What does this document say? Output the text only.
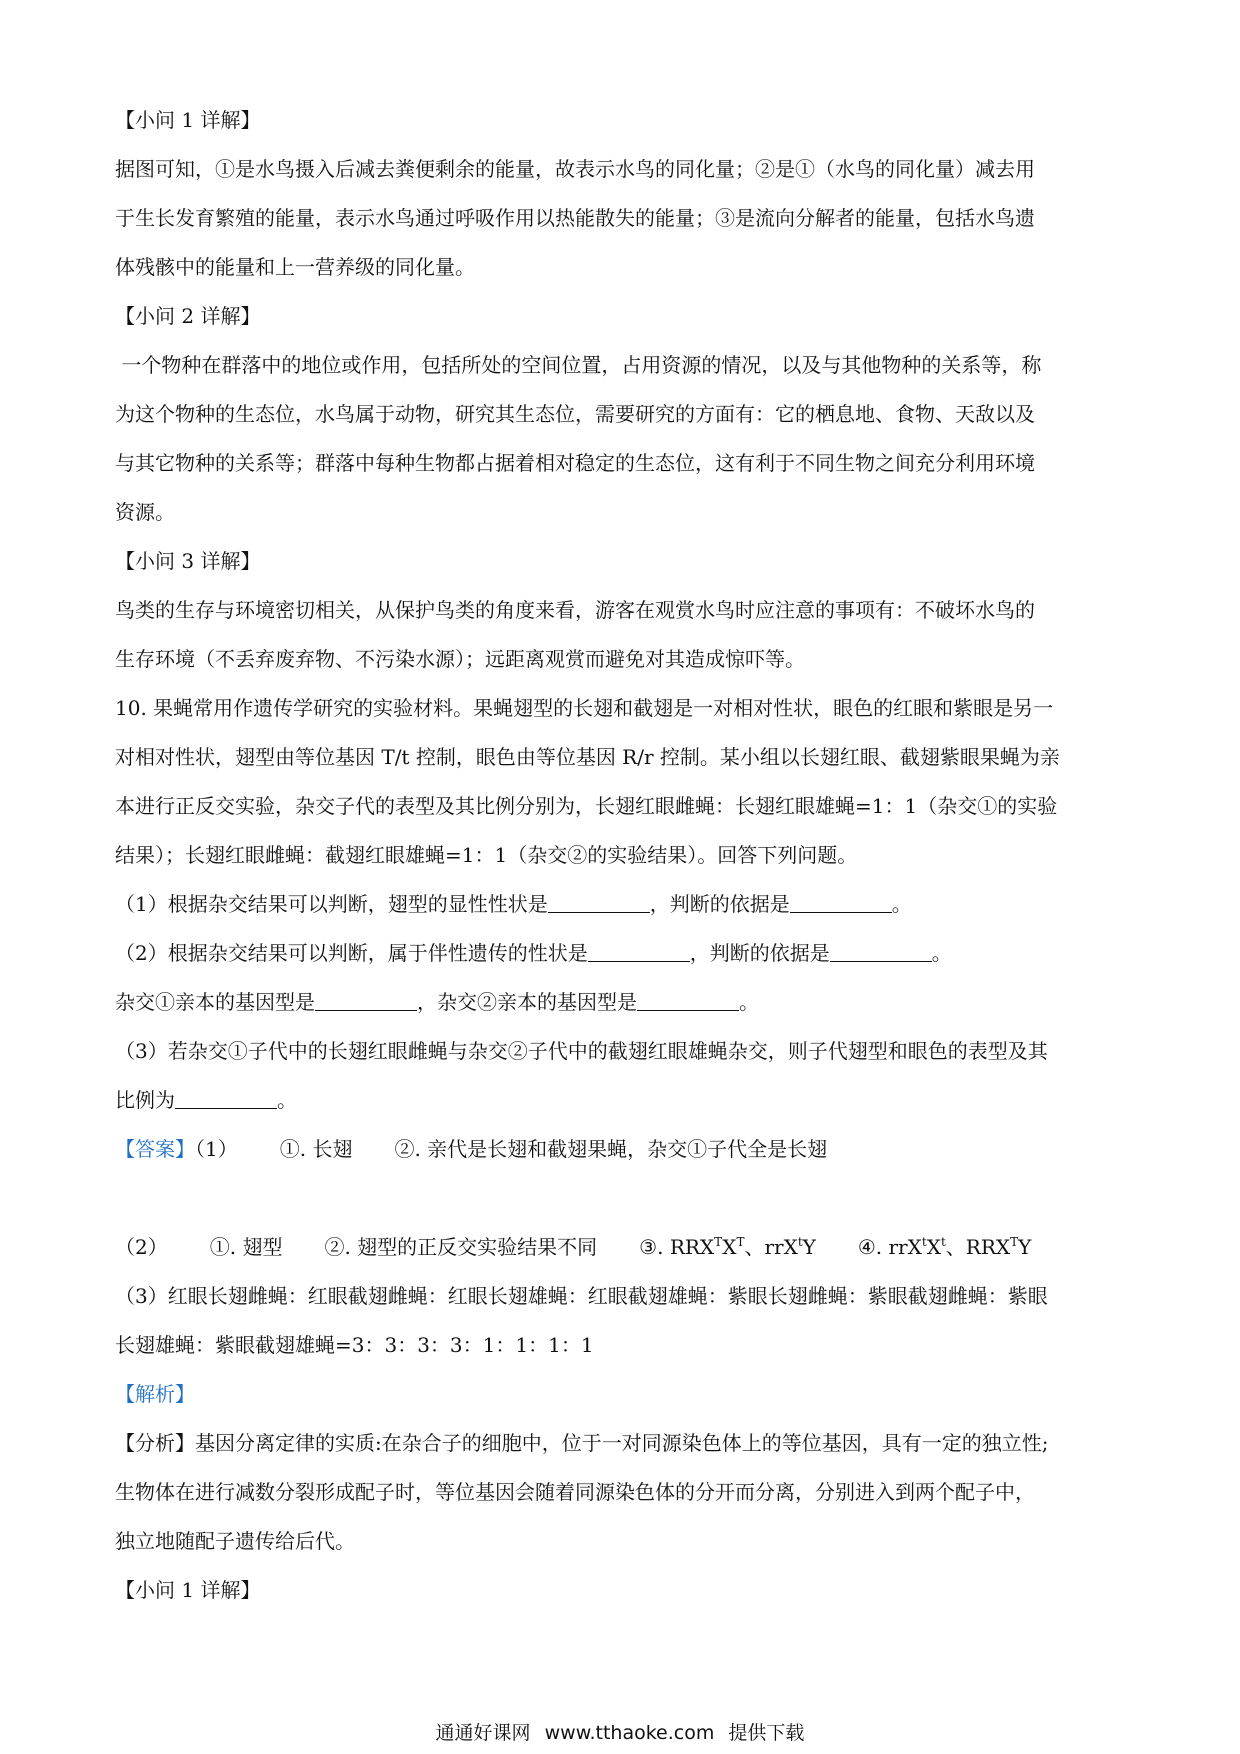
【小问 1 详解】
据图可知，①是水鸟摄入后减去粪便剩余的能量，故表示水鸟的同化量；②是①（水鸟的同化量）减去用
于生长发育繁殖的能量，表示水鸟通过呼吸作用以热能散失的能量；③是流向分解者的能量，包括水鸟遗
体残骸中的能量和上一营养级的同化量。
【小问 2 详解】
一个物种在群落中的地位或作用，包括所处的空间位置，占用资源的情况，以及与其他物种的关系等，称
为这个物种的生态位，水鸟属于动物，研究其生态位，需要研究的方面有：它的栖息地、食物、天敌以及
与其它物种的关系等；群落中每种生物都占据着相对稳定的生态位，这有利于不同生物之间充分利用环境
资源。
【小问 3 详解】
鸟类的生存与环境密切相关，从保护鸟类的角度来看，游客在观赏水鸟时应注意的事项有：不破坏水鸟的
生存环境（不丢弃废弃物、不污染水源）；远距离观赏而避免对其造成惊吓等。
10. 果蝇常用作遗传学研究的实验材料。果蝇翅型的长翅和截翅是一对相对性状，眼色的红眼和紫眼是另一
对相对性状，翅型由等位基因 T/t 控制，眼色由等位基因 R/r 控制。某小组以长翅红眼、截翅紫眼果蝇为亲
本进行正反交实验，杂交子代的表型及其比例分别为，长翅红眼雌蝇：长翅红眼雄蝇=1：1（杂交①的实验
结果）；长翅红眼雌蝇：截翅红眼雄蝇=1：1（杂交②的实验结果）。回答下列问题。
（1）根据杂交结果可以判断，翅型的显性性状是	，判断的依据是	。
（2）根据杂交结果可以判断，属于伴性遗传的性状是	，判断的依据是	。
杂交①亲本的基因型是	，杂交②亲本的基因型是	。
（3）若杂交①子代中的长翅红眼雌蝇与杂交②子代中的截翅红眼雄蝇杂交，则子代翅型和眼色的表型及其
比例为	。
【答案】（1） ①. 长翅 ②. 亲代是长翅和截翅果蝇，杂交①子代全是长翅
（2） ①. 翅型 ②. 翅型的正反交实验结果不同 ③. $RRX^TX^T$、rrX$^t$Y ④. $rrX^tX^t$、$RRX^TY$
（3）红眼长翅雌蝇：红眼截翅雌蝇：红眼长翅雄蝇：红眼截翅雄蝇：紫眼长翅雌蝇：紫眼截翅雌蝇：紫眼
长翅雄蝇：紫眼截翅雄蝇=3：3：3：3：1：1：1：1
【解析】
【分析】基因分离定律的实质:在杂合子的细胞中，位于一对同源染色体上的等位基因，具有一定的独立性;
生物体在进行减数分裂形成配子时，等位基因会随着同源染色体的分开而分离，分别进入到两个配子中，
独立地随配子遗传给后代。
【小问 1 详解】
通通好课网 www.tthaoke.com 提供下载
